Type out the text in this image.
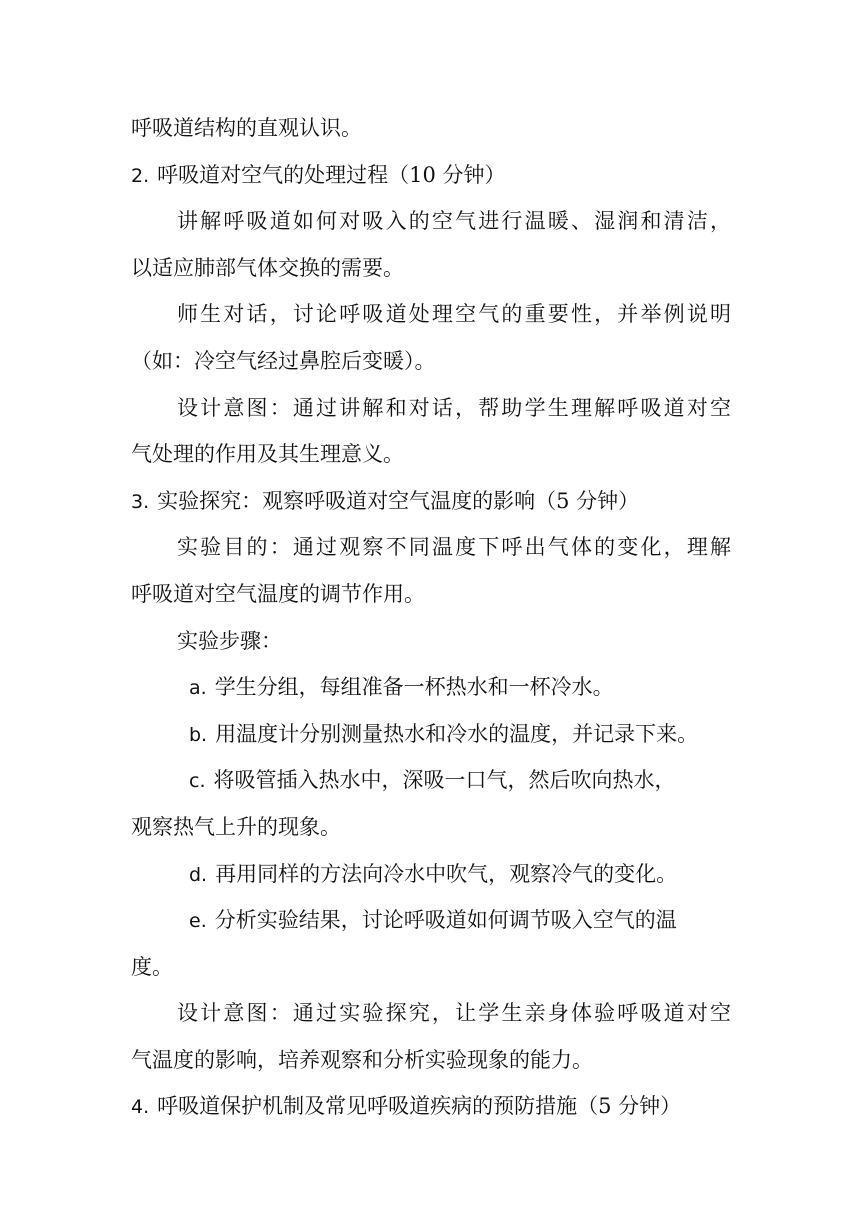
呼吸道结构的直观认识。
2. 呼吸道对空气的处理过程（10 分钟）
讲解呼吸道如何对吸入的空气进行温暖、湿润和清洁，
以适应肺部气体交换的需要。
师生对话，讨论呼吸道处理空气的重要性，并举例说明
（如：冷空气经过鼻腔后变暖）。
设计意图：通过讲解和对话，帮助学生理解呼吸道对空
气处理的作用及其生理意义。
3. 实验探究：观察呼吸道对空气温度的影响（5 分钟）
实验目的：通过观察不同温度下呼出气体的变化，理解
呼吸道对空气温度的调节作用。
实验步骤：
a. 学生分组，每组准备一杯热水和一杯冷水。
b. 用温度计分别测量热水和冷水的温度，并记录下来。
c. 将吸管插入热水中，深吸一口气，然后吹向热水，
观察热气上升的现象。
d. 再用同样的方法向冷水中吹气，观察冷气的变化。
e. 分析实验结果，讨论呼吸道如何调节吸入空气的温
度。
设计意图：通过实验探究，让学生亲身体验呼吸道对空
气温度的影响，培养观察和分析实验现象的能力。
4. 呼吸道保护机制及常见呼吸道疾病的预防措施（5 分钟）
